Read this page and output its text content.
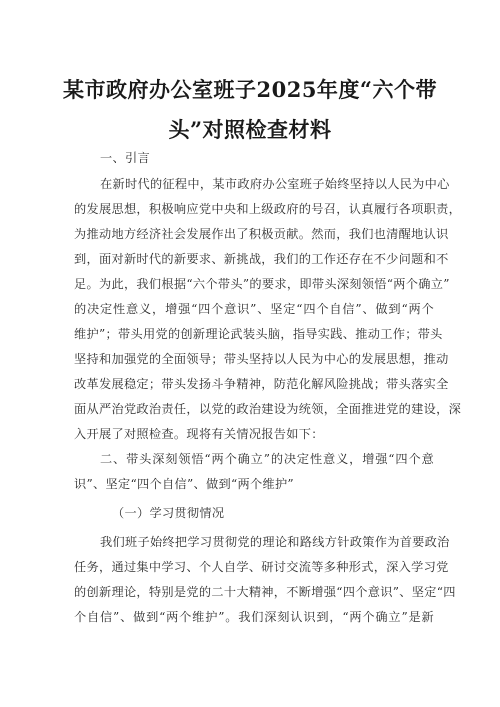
某市政府办公室班子2025年度“六个带
头”对照检查材料
一、引言
在新时代的征程中，某市政府办公室班子始终坚持以人民为中心
的发展思想，积极响应党中央和上级政府的号召，认真履行各项职责，
为推动地方经济社会发展作出了积极贡献。然而，我们也清醒地认识
到，面对新时代的新要求、新挑战，我们的工作还存在不少问题和不
足。为此，我们根据“六个带头”的要求，即带头深刻领悟“两个确立”
的决定性意义，增强“四个意识”、坚定“四个自信”、做到“两个
维护”；带头用党的创新理论武装头脑，指导实践、推动工作；带头
坚持和加强党的全面领导；带头坚持以人民为中心的发展思想，推动
改革发展稳定；带头发扬斗争精神，防范化解风险挑战；带头落实全
面从严治党政治责任，以党的政治建设为统领，全面推进党的建设，深
入开展了对照检查。现将有关情况报告如下：
二、带头深刻领悟“两个确立”的决定性意义，增强“四个意
识”、坚定“四个自信”、做到“两个维护”
（一）学习贯彻情况
我们班子始终把学习贯彻党的理论和路线方针政策作为首要政治
任务，通过集中学习、个人自学、研讨交流等多种形式，深入学习党
的创新理论，特别是党的二十大精神，不断增强“四个意识”、坚定“四
个自信”、做到“两个维护”。我们深刻认识到，“两个确立”是新
